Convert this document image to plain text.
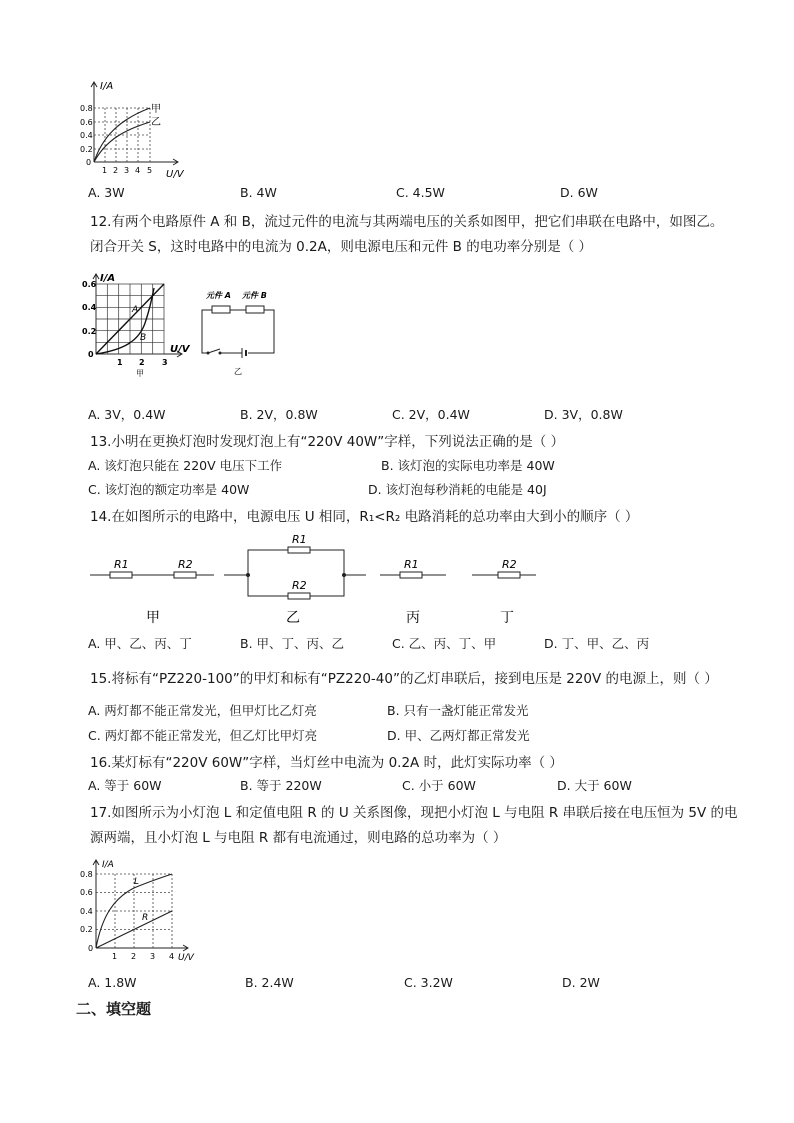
I/A
U/V
甲
乙
0.8
0.6
0.4
0.2
0
1 2 3 4 5
A. 3W	B. 4W	C. 4.5W	D. 6W
12.有两个电路原件 A 和 B，流过元件的电流与其两端电压的关系如图甲，把它们串联在电路中，如图乙。
闭合开关 S，这时电路中的电流为 0.2A，则电源电压和元件 B 的电功率分别是（ ）
I/A
U/V
A
B
0.6
0.4
0.2
0
1 2 3
甲
元件 A 元件 B
乙
A. 3V，0.4W	B. 2V，0.8W	C. 2V，0.4W	D. 3V，0.8W
13.小明在更换灯泡时发现灯泡上有“220V 40W”字样，下列说法正确的是（ ）
A. 该灯泡只能在 220V 电压下工作	B. 该灯泡的实际电功率是 40W
C. 该灯泡的额定功率是 40W	D. 该灯泡每秒消耗的电能是 40J
14.在如图所示的电路中，电源电压 U 相同，R₁<R₂ 电路消耗的总功率由大到小的顺序（ ）
R1	R2
R1
R2
R1	R2
甲	乙	丙	丁
A. 甲、乙、丙、丁	B. 甲、丁、丙、乙	C. 乙、丙、丁、甲	D. 丁、甲、乙、丙
15.将标有“PZ220-100”的甲灯和标有“PZ220-40”的乙灯串联后，接到电压是 220V 的电源上，则（ ）
A. 两灯都不能正常发光，但甲灯比乙灯亮	B. 只有一盏灯能正常发光
C. 两灯都不能正常发光，但乙灯比甲灯亮	D. 甲、乙两灯都正常发光
16.某灯标有“220V 60W”字样，当灯丝中电流为 0.2A 时，此灯实际功率（ ）
A. 等于 60W	B. 等于 220W	C. 小于 60W	D. 大于 60W
17.如图所示为小灯泡 L 和定值电阻 R 的 U 关系图像，现把小灯泡 L 与电阻 R 串联后接在电压恒为 5V 的电
源两端，且小灯泡 L 与电阻 R 都有电流通过，则电路的总功率为（ ）
I/A
U/V
L
R
0.8
0.6
0.4
0.2
0
1 2 3 4
A. 1.8W	B. 2.4W	C. 3.2W	D. 2W
二、填空题
